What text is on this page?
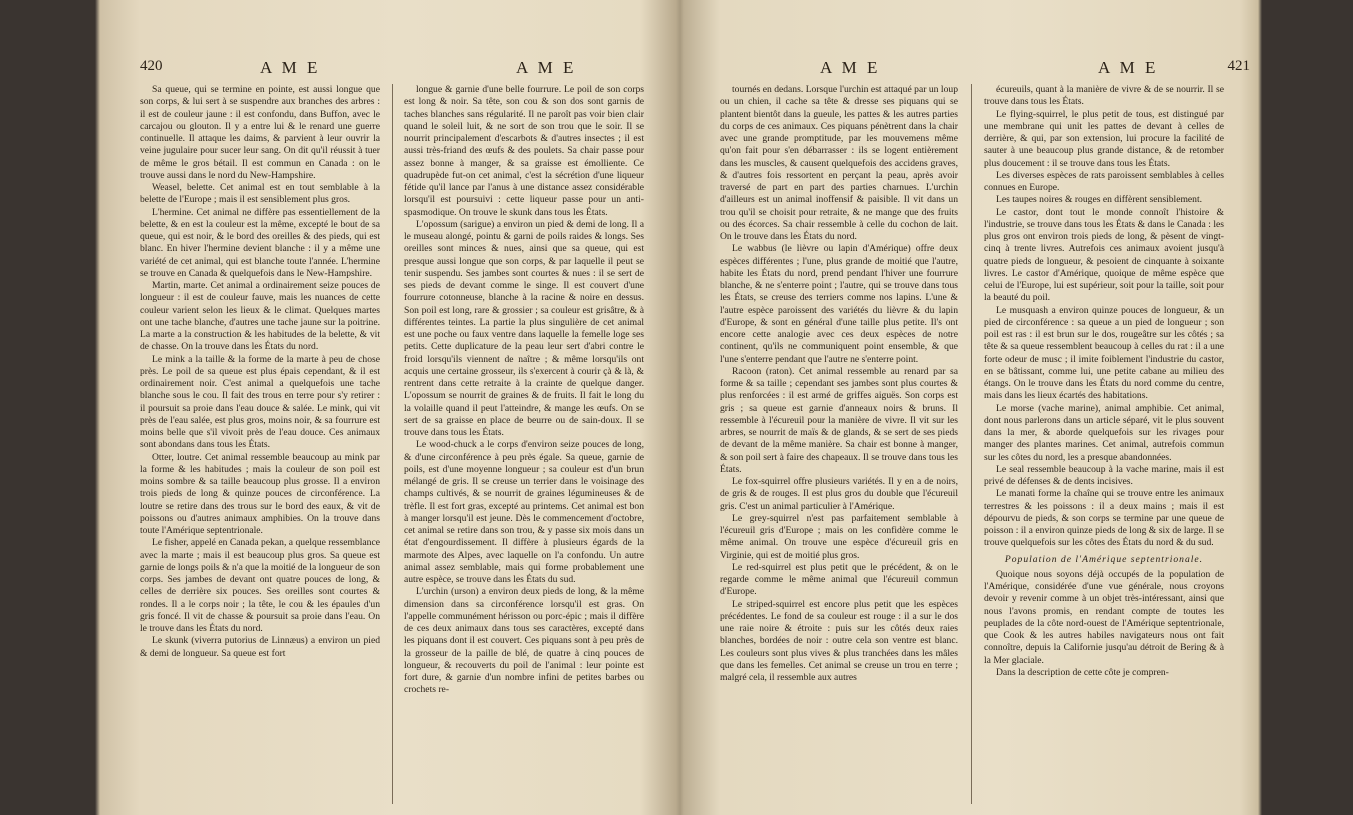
420	A M E	A M E

Sa queue, qui se termine en pointe, est aussi longue que son corps, & lui sert à se suspendre aux branches des arbres : il est de couleur jaune : il est confondu, dans Buffon, avec le carcajou ou glouton. Il y a entre lui & le renard une guerre continuelle. Il attaque les daims, & parvient à leur ouvrir la veine jugulaire pour sucer leur sang. On dit qu'il réussit à tuer de même le gros bétail. Il est commun en Canada : on le trouve aussi dans le nord du New-Hampshire.

Weasel, belette. Cet animal est en tout semblable à la belette de l'Europe ; mais il est sensiblement plus gros.

L'hermine. Cet animal ne diffère pas essentiellement de la belette, & en est la couleur est la même, excepté le bout de sa queue, qui est noir, & le bord des oreilles & des pieds, qui est blanc. En hiver l'hermine devient blanche : il y a même une variété de cet animal, qui est blanche toute l'année. L'hermine se trouve en Canada & quelquefois dans le New-Hampshire.

Martin, marte. Cet animal a ordinairement seize pouces de longueur : il est de couleur fauve, mais les nuances de cette couleur varient selon les lieux & le climat. Quelques martes ont une tache blanche, d'autres une tache jaune sur la poitrine. La marte a la construction & les habitudes de la belette, & vit de chasse. On la trouve dans les États du nord.

Le mink a la taille & la forme de la marte à peu de chose près. Le poil de sa queue est plus épais cependant, & il est ordinairement noir. C'est animal a quelquefois une tache blanche sous le cou. Il fait des trous en terre pour s'y retirer : il poursuit sa proie dans l'eau douce & salée. Le mink, qui vit près de l'eau salée, est plus gros, moins noir, & sa fourrure est moins belle que s'il vivoit près de l'eau douce. Ces animaux sont abondans dans tous les États.

Otter, loutre. Cet animal ressemble beaucoup au mink par la forme & les habitudes ; mais la couleur de son poil est moins sombre & sa taille beaucoup plus grosse. Il a environ trois pieds de long & quinze pouces de circonférence. La loutre se retire dans des trous sur le bord des eaux, & vit de poissons ou d'autres animaux amphibies. On la trouve dans toute l'Amérique septentrionale.

Le fisher, appelé en Canada pekan, a quelque ressemblance avec la marte ; mais il est beaucoup plus gros. Sa queue est garnie de longs poils & n'a que la moitié de la longueur de son corps. Ses jambes de devant ont quatre pouces de long, & celles de derrière six pouces. Ses oreilles sont courtes & rondes. Il a le corps noir ; la tête, le cou & les épaules d'un gris foncé. Il vit de chasse & poursuit sa proie dans l'eau. On le trouve dans les États du nord.

Le skunk (viverra putorius de Linnæus) a environ un pied & demi de longueur. Sa queue est fort

longue & garnie d'une belle fourrure. Le poil de son corps est long & noir. Sa tête, son cou & son dos sont garnis de taches blanches sans régularité. Il ne paroît pas voir bien clair quand le soleil luit, & ne sort de son trou que le soir. Il se nourrit principalement d'escarbots & d'autres insectes ; il est aussi très-friand des œufs & des poulets. Sa chair passe pour assez bonne à manger, & sa graisse est émolliente. Ce quadrupède fut-on cet animal, c'est la sécrétion d'une liqueur fétide qu'il lance par l'anus à une distance assez considérable lorsqu'il est poursuivi : cette liqueur passe pour un anti-spasmodique. On trouve le skunk dans tous les États.

L'opossum (sarigue) a environ un pied & demi de long. Il a le museau alongé, pointu & garni de poils raides & longs. Ses oreilles sont minces & nues, ainsi que sa queue, qui est presque aussi longue que son corps, & par laquelle il peut se tenir suspendu. Ses jambes sont courtes & nues : il se sert de ses pieds de devant comme le singe. Il est couvert d'une fourrure cotonneuse, blanche à la racine & noire en dessus. Son poil est long, rare & grossier ; sa couleur est grisâtre, & à différentes teintes. La partie la plus singulière de cet animal est une poche ou faux ventre dans laquelle la femelle loge ses petits. Cette duplicature de la peau leur sert d'abri contre le froid lorsqu'ils viennent de naître ; & même lorsqu'ils ont acquis une certaine grosseur, ils s'exercent à courir çà & là, & rentrent dans cette retraite à la crainte de quelque danger. L'opossum se nourrit de graines & de fruits. Il fait le long du la volaille quand il peut l'atteindre, & mange les œufs. On se sert de sa graisse en place de beurre ou de sain-doux. Il se trouve dans tous les États.

Le wood-chuck a le corps d'environ seize pouces de long, & d'une circonférence à peu près égale. Sa queue, garnie de poils, est d'une moyenne longueur ; sa couleur est d'un brun mélangé de gris. Il se creuse un terrier dans le voisinage des champs cultivés, & se nourrit de graines légumineuses & de trèfle. Il est fort gras, excepté au printems. Cet animal est bon à manger lorsqu'il est jeune. Dès le commencement d'octobre, cet animal se retire dans son trou, & y passe six mois dans un état d'engourdissement. Il diffère à plusieurs égards de la marmote des Alpes, avec laquelle on l'a confondu. Un autre animal assez semblable, mais qui forme probablement une autre espèce, se trouve dans les États du sud.

L'urchin (urson) a environ deux pieds de long, & la même dimension dans sa circonférence lorsqu'il est gras. On l'appelle communément hérisson ou porc-épic ; mais il diffère de ces deux animaux dans tous ses caractères, excepté dans les piquans dont il est couvert. Ces piquans sont à peu près de la grosseur de la paille de blé, de quatre à cinq pouces de longueur, & recouverts du poil de l'animal : leur pointe est fort dure, & garnie d'un nombre infini de petites barbes ou crochets re-

A M E	A M E	421

tournés en dedans. Lorsque l'urchin est attaqué par un loup ou un chien, il cache sa tête & dresse ses piquans qui se plantent bientôt dans la gueule, les pattes & les autres parties du corps de ces animaux. Ces piquans pénètrent dans la chair avec une grande promptitude, par les mouvemens même qu'on fait pour s'en débarrasser : ils se logent entièrement dans les muscles, & causent quelquefois des accidens graves, & d'autres fois ressortent en perçant la peau, après avoir traversé de part en part des parties charnues. L'urchin d'ailleurs est un animal inoffensif & paisible. Il vit dans un trou qu'il se choisit pour retraite, & ne mange que des fruits ou des écorces. Sa chair ressemble à celle du cochon de lait. On le trouve dans les États du nord.

Le wabbus (le lièvre ou lapin d'Amérique) offre deux espèces différentes ; l'une, plus grande de moitié que l'autre, habite les États du nord, prend pendant l'hiver une fourrure blanche, & ne s'enterre point ; l'autre, qui se trouve dans tous les États, se creuse des terriers comme nos lapins. L'une & l'autre espèce paroissent des variétés du lièvre & du lapin d'Europe, & sont en général d'une taille plus petite. Il's ont encore cette analogie avec ces deux espèces de notre continent, qu'ils ne communiquent point ensemble, & que l'une s'enterre pendant que l'autre ne s'enterre point.

Racoon (raton). Cet animal ressemble au renard par sa forme & sa taille ; cependant ses jambes sont plus courtes & plus renforcées : il est armé de griffes aiguës. Son corps est gris ; sa queue est garnie d'anneaux noirs & bruns. Il ressemble à l'écureuil pour la manière de vivre. Il vit sur les arbres, se nourrit de maïs & de glands, & se sert de ses pieds de devant de la même manière. Sa chair est bonne à manger, & son poil sert à faire des chapeaux. Il se trouve dans tous les États.

Le fox-squirrel offre plusieurs variétés. Il y en a de noirs, de gris & de rouges. Il est plus gros du double que l'écureuil gris. C'est un animal particulier à l'Amérique.

Le grey-squirrel n'est pas parfaitement semblable à l'écureuil gris d'Europe ; mais on les confidère comme le même animal. On trouve une espèce d'écureuil gris en Virginie, qui est de moitié plus gros.

Le red-squirrel est plus petit que le précédent, & on le regarde comme le même animal que l'écureuil commun d'Europe.

Le striped-squirrel est encore plus petit que les espèces précédentes. Le fond de sa couleur est rouge : il a sur le dos une raie noire & étroite : puis sur les côtés deux raies blanches, bordées de noir : outre cela son ventre est blanc. Les couleurs sont plus vives & plus tranchées dans les mâles que dans les femelles. Cet animal se creuse un trou en terre ; malgré cela, il ressemble aux autres

écureuils, quant à la manière de vivre & de se nourrir. Il se trouve dans tous les États.

Le flying-squirrel, le plus petit de tous, est distingué par une membrane qui unit les pattes de devant à celles de derrière, & qui, par son extension, lui procure la facilité de sauter à une beaucoup plus grande distance, & de retomber plus doucement : il se trouve dans tous les États.

Les diverses espèces de rats paroissent semblables à celles connues en Europe.

Les taupes noires & rouges en diffèrent sensiblement.

Le castor, dont tout le monde connoît l'histoire & l'industrie, se trouve dans tous les États & dans le Canada : les plus gros ont environ trois pieds de long, & pèsent de vingt-cinq à trente livres. Autrefois ces animaux avoient jusqu'à quatre pieds de longueur, & pesoient de cinquante à soixante livres. Le castor d'Amérique, quoique de même espèce que celui de l'Europe, lui est supérieur, soit pour la taille, soit pour la beauté du poil.

Le musquash a environ quinze pouces de longueur, & un pied de circonférence : sa queue a un pied de longueur ; son poil est ras : il est brun sur le dos, rougeâtre sur les côtés ; sa tête & sa queue ressemblent beaucoup à celles du rat : il a une forte odeur de musc ; il imite foiblement l'industrie du castor, en se bâtissant, comme lui, une petite cabane au milieu des étangs. On le trouve dans les États du nord comme du centre, mais dans les lieux écartés des habitations.

Le morse (vache marine), animal amphibie. Cet animal, dont nous parlerons dans un article séparé, vit le plus souvent dans la mer, & aborde quelquefois sur les rivages pour manger des plantes marines. Cet animal, autrefois commun sur les côtes du nord, les a presque abandonnées.

Le seal ressemble beaucoup à la vache marine, mais il est privé de défenses & de dents incisives.

Le manati forme la chaîne qui se trouve entre les animaux terrestres & les poissons : il a deux mains ; mais il est dépourvu de pieds, & son corps se termine par une queue de poisson : il a environ quinze pieds de long & six de large. Il se trouve quelquefois sur les côtes des États du nord & du sud.

Population de l'Amérique septentrionale.

Quoique nous soyons déjà occupés de la population de l'Amérique, considérée d'une vue générale, nous croyons devoir y revenir comme à un objet très-intéressant, ainsi que nous l'avons promis, en rendant compte de toutes les peuplades de la côte nord-ouest de l'Amérique septentrionale, que Cook & les autres habiles navigateurs nous ont fait connoître, depuis la Californie jusqu'au détroit de Bering & à la Mer glaciale.

Dans la description de cette côte je compren-
